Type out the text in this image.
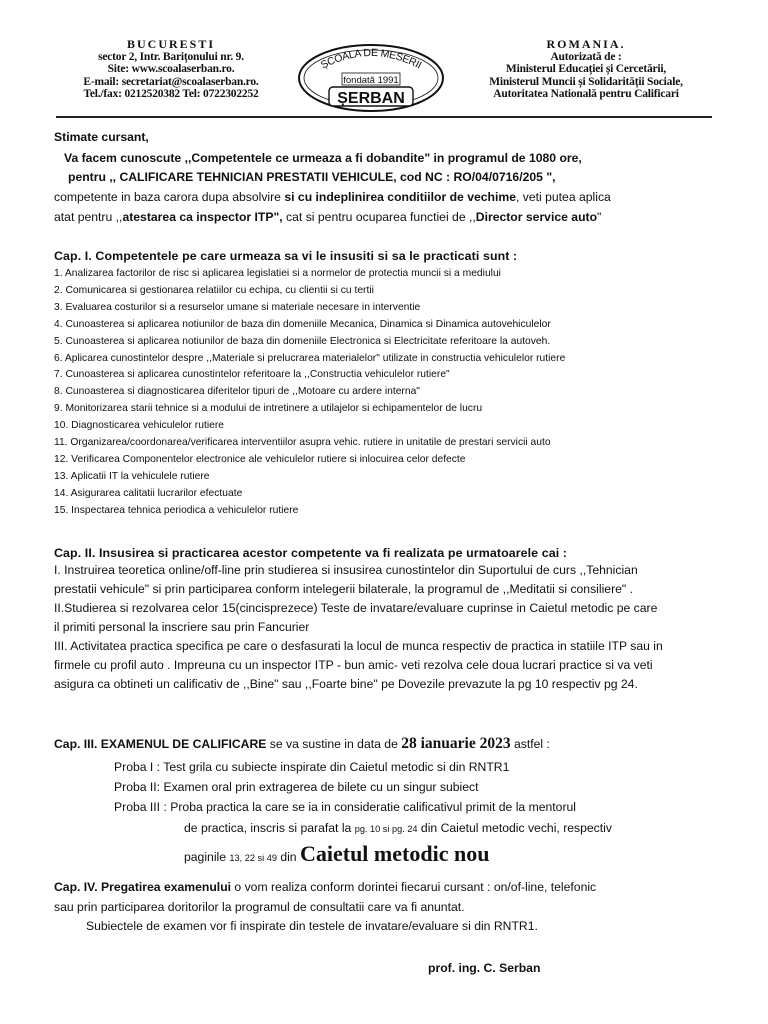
BUCURESTI
sector 2, Intr. Barițonului nr. 9.
Site: www.scoalaserban.ro.
E-mail: secretariat@scoalaserban.ro.
Tel./fax: 0212520382 Tel: 0722302252
ȘCOALA DE MESERII
fondată 1991
ȘERBAN
ROMANIA.
Autorizată de :
Ministerul Educației și Cercetării,
Ministerul Muncii și Solidarității Sociale,
Autoritatea Natională pentru Calificari
Stimate cursant,
Va facem cunoscute ,,Competentele ce urmeaza a fi dobandite" in programul de 1080 ore,
pentru ,, CALIFICARE TEHNICIAN PRESTATII VEHICULE, cod NC : RO/04/0716/205 ",
competente in baza carora dupa absolvire si cu indeplinirea conditiilor de vechime, veti putea aplica
atat pentru ,,atestarea ca inspector ITP", cat si pentru ocuparea functiei de ,,Director service auto"
Cap. I. Competentele pe care urmeaza sa vi le insusiti si sa le practicati sunt :
1. Analizarea factorilor de risc si aplicarea legislatiei si a normelor de protectia muncii si a mediului
2. Comunicarea si gestionarea relatiilor cu echipa, cu clientii si cu tertii
3. Evaluarea costurilor si a resurselor umane si materiale necesare in interventie
4. Cunoasterea si aplicarea notiunilor de baza din domeniile Mecanica, Dinamica si Dinamica autovehiculelor
5. Cunoasterea si aplicarea notiunilor de baza din domeniile Electronica si Electricitate referitoare la autoveh.
6. Aplicarea cunostintelor despre ,,Materiale si prelucrarea materialelor" utilizate in constructia vehiculelor rutiere
7. Cunoasterea si aplicarea cunostintelor referitoare la ,,Constructia vehiculelor rutiere"
8. Cunoasterea si diagnosticarea diferitelor tipuri de ,,Motoare cu ardere interna"
9. Monitorizarea starii tehnice si a modului de intretinere a utilajelor si echipamentelor de lucru
10. Diagnosticarea vehiculelor rutiere
11. Organizarea/coordonarea/verificarea interventiilor asupra vehic. rutiere in unitatile de prestari servicii auto
12. Verificarea Componentelor electronice ale vehiculelor rutiere si inlocuirea celor defecte
13. Aplicatii IT la vehiculele rutiere
14. Asigurarea calitatii lucrarilor efectuate
15. Inspectarea tehnica periodica a vehiculelor rutiere
Cap. II. Insusirea si practicarea acestor competente va fi realizata pe urmatoarele cai :
I. Instruirea teoretica online/off-line prin studierea si insusirea cunostintelor din Suportului de curs ,,Tehnician
prestatii vehicule" si prin participarea conform intelegerii bilaterale, la programul de ,,Meditatii si consiliere" .
II.Studierea si rezolvarea celor 15(cincisprezece) Teste de invatare/evaluare cuprinse in Caietul metodic pe care
il primiti personal la inscriere sau prin Fancurier
III. Activitatea practica specifica pe care o desfasurati la locul de munca respectiv de practica in statiile ITP sau in
firmele cu profil auto . Impreuna cu un inspector ITP - bun amic- veti rezolva cele doua lucrari practice si va veti
asigura ca obtineti un calificativ de ,,Bine" sau ,,Foarte bine" pe Dovezile prevazute la pg 10 respectiv pg 24.
Cap. III. EXAMENUL DE CALIFICARE se va sustine in data de 28 ianuarie 2023 astfel :
Proba I : Test grila cu subiecte inspirate din Caietul metodic si din RNTR1
Proba II: Examen oral prin extragerea de bilete cu un singur subiect
Proba III : Proba practica la care se ia in consideratie calificativul primit de la mentorul
de practica, inscris si parafat la pg. 10 si pg. 24 din Caietul metodic vechi, respectiv
paginile 13, 22 si 49 din Caietul metodic nou
Cap. IV. Pregatirea examenului o vom realiza conform dorintei fiecarui cursant : on/of-line, telefonic
sau prin participarea doritorilor la programul de consultatii care va fi anuntat.
Subiectele de examen vor fi inspirate din testele de invatare/evaluare si din RNTR1.
prof. ing. C. Serban
